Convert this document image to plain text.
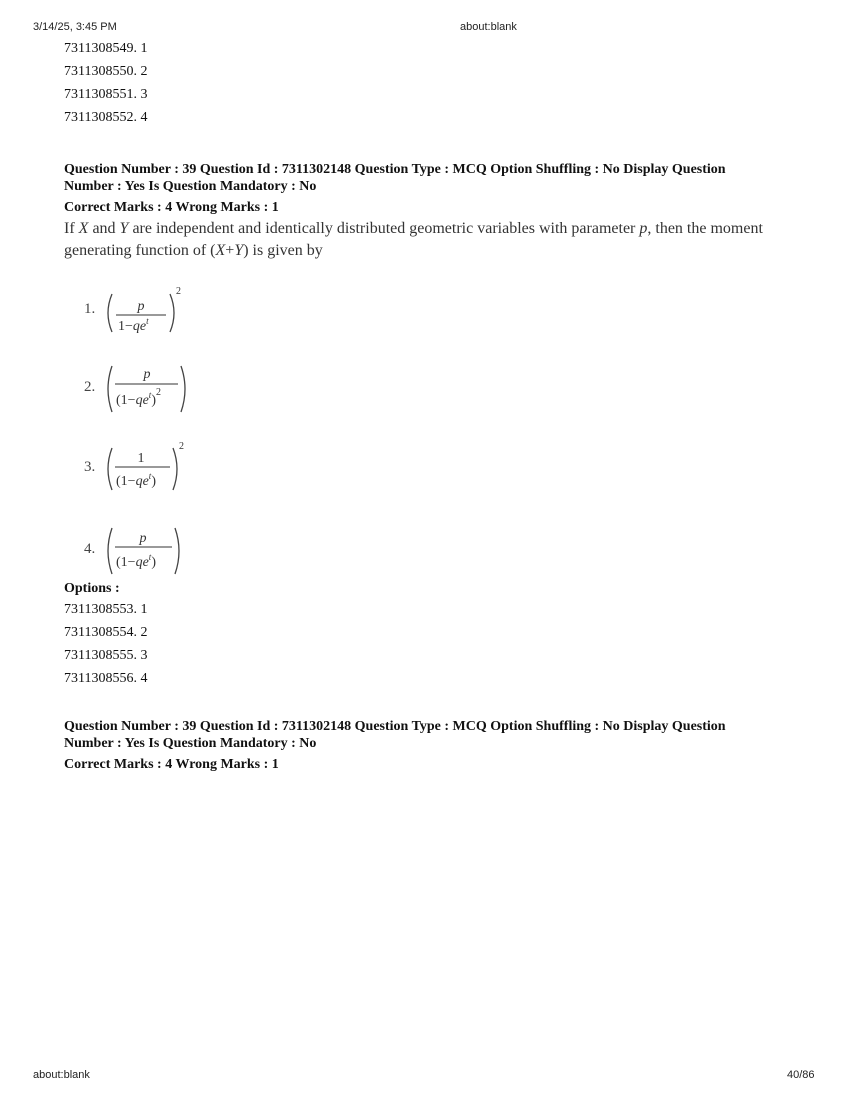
3/14/25, 3:45 PM	about:blank
7311308549. 1
7311308550. 2
7311308551. 3
7311308552. 4
Question Number : 39 Question Id : 7311302148 Question Type : MCQ Option Shuffling : No Display Question
Number : Yes Is Question Mandatory : No
Correct Marks : 4 Wrong Marks : 1
If X and Y are independent and identically distributed geometric variables with parameter p, then the moment generating function of (X+Y) is given by
1.	p
$1-qe^t$
2
2.
p
$(1-qe^t)^2$
3.
1
$(1-qe^t)$
2
4.
p
$(1-qe^t)$
Options :
7311308553. 1
7311308554. 2
7311308555. 3
7311308556. 4
Question Number : 39 Question Id : 7311302148 Question Type : MCQ Option Shuffling : No Display Question
Number : Yes Is Question Mandatory : No
Correct Marks : 4 Wrong Marks : 1
about:blank	40/86
